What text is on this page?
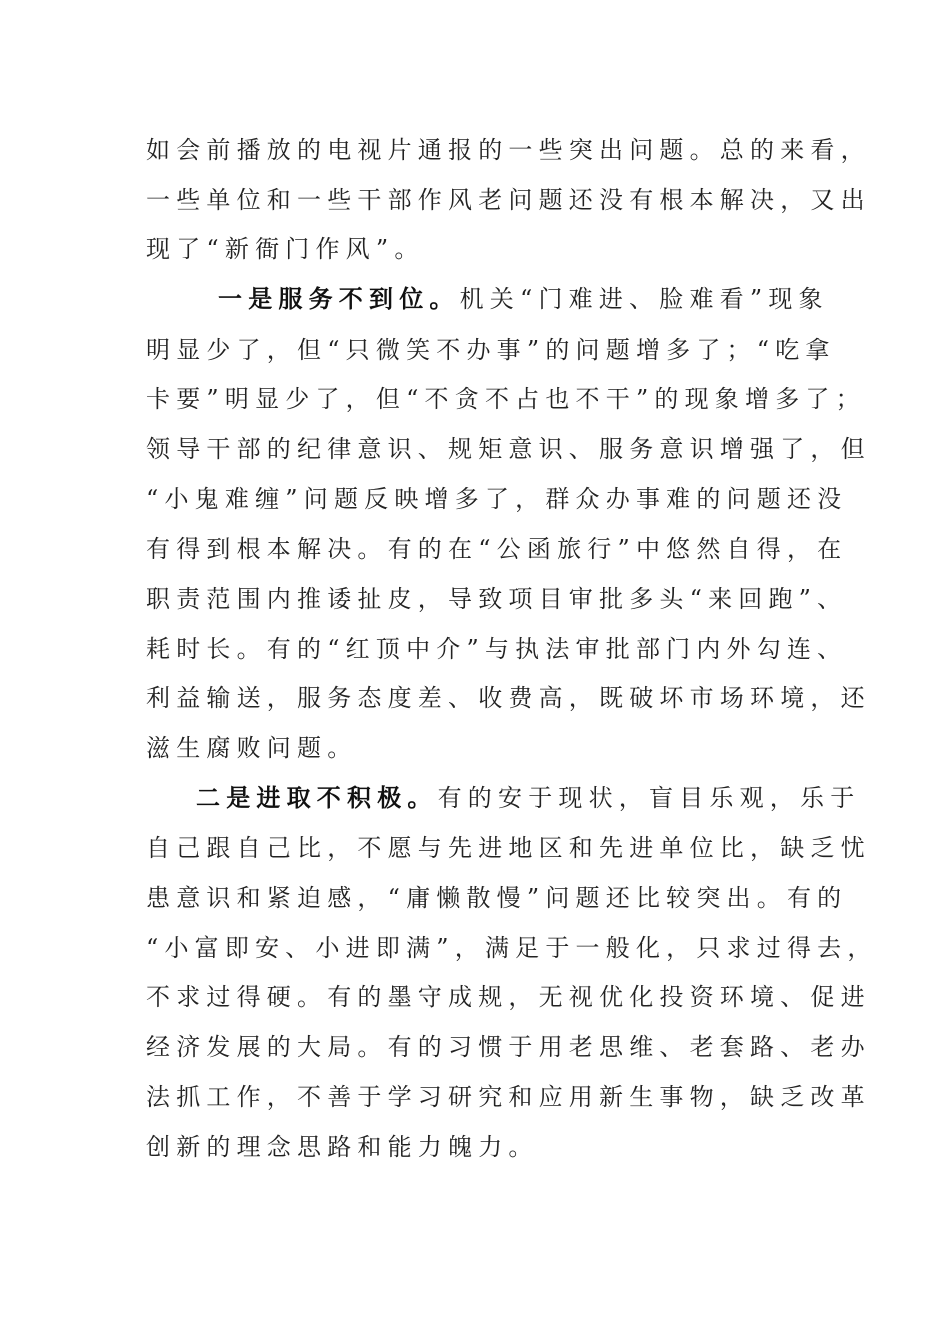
如会前播放的电视片通报的一些突出问题。总的来看，
一些单位和一些干部作风老问题还没有根本解决，又出
现了“新衙门作风”。
一是服务不到位。机关“门难进、脸难看”现象
明显少了，但“只微笑不办事”的问题增多了；“吃拿
卡要”明显少了，但“不贪不占也不干”的现象增多了；
领导干部的纪律意识、规矩意识、服务意识增强了，但
“小鬼难缠”问题反映增多了，群众办事难的问题还没
有得到根本解决。有的在“公函旅行”中悠然自得，在
职责范围内推诿扯皮，导致项目审批多头“来回跑”、
耗时长。有的“红顶中介”与执法审批部门内外勾连、
利益输送，服务态度差、收费高，既破坏市场环境，还
滋生腐败问题。
二是进取不积极。有的安于现状，盲目乐观，乐于
自己跟自己比，不愿与先进地区和先进单位比，缺乏忧
患意识和紧迫感，“庸懒散慢”问题还比较突出。有的
“小富即安、小进即满”，满足于一般化，只求过得去，
不求过得硬。有的墨守成规，无视优化投资环境、促进
经济发展的大局。有的习惯于用老思维、老套路、老办
法抓工作，不善于学习研究和应用新生事物，缺乏改革
创新的理念思路和能力魄力。
